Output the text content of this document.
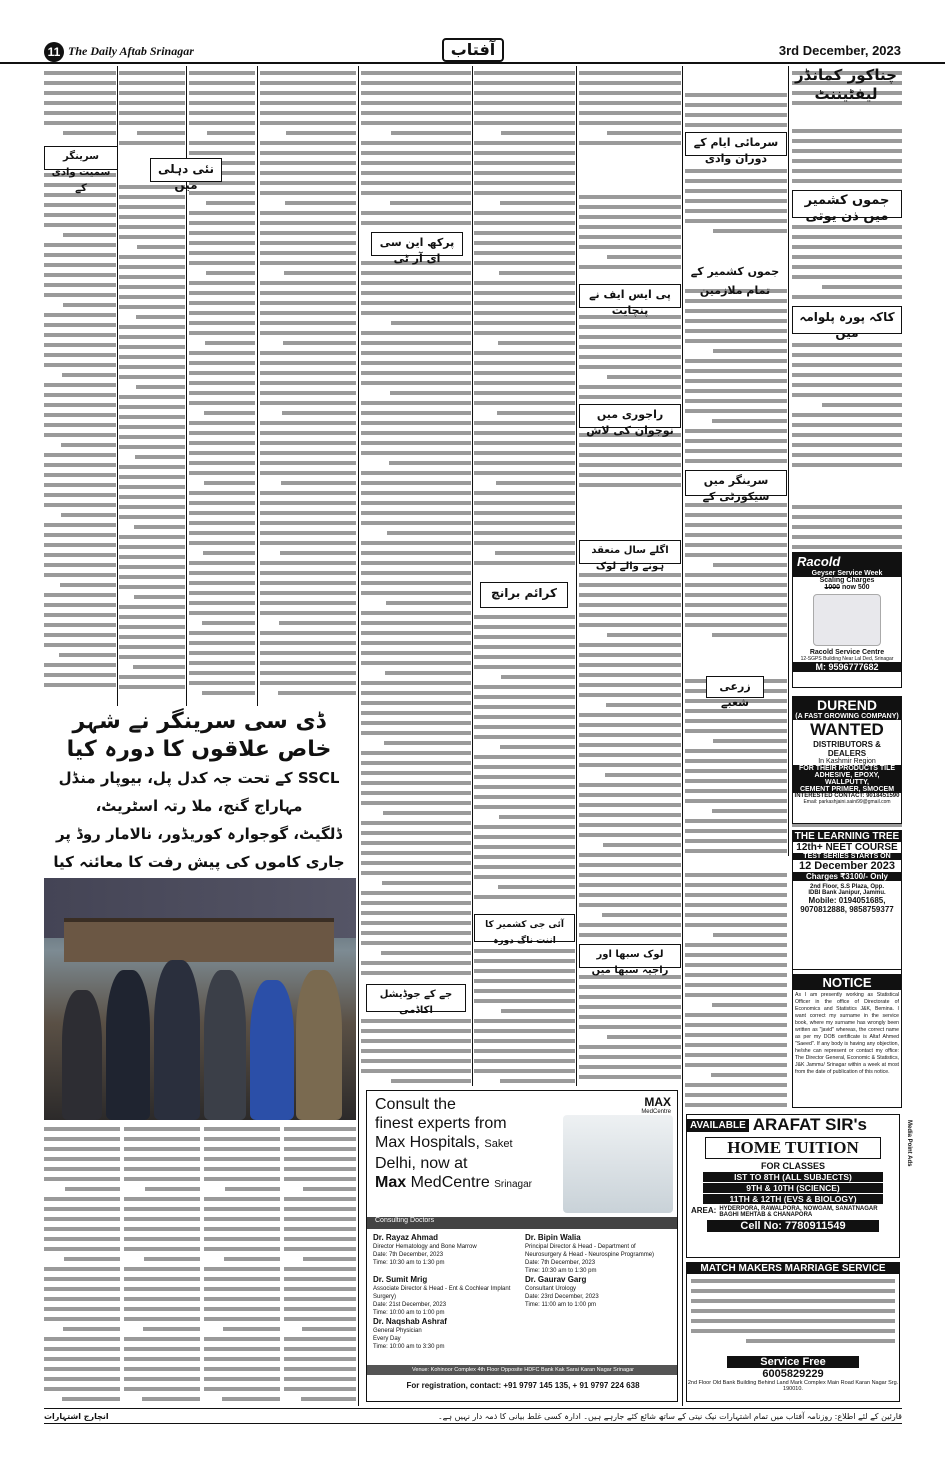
11 The Daily Aftab Srinagar	آفتاب	3rd December, 2023
چناکور کمانڈر لیفٹیننٹ
جموں کشمیر میں ذن یوتی
کاکہ پورہ پلوامہ میں
جموں کشمیر کے تمام ملازمین
سرینگر میں سیکورٹی کے
زرعی شعبے
سرمائی ایام کے دوران وادی
پی ایس ایف نے پنچایت
راجوری میں نوجوان کی لاش
اگلے سال منعقد ہونے والے لوک
لوک سبھا اور راجیہ سبھا میں
پرکھ این سی ای آر ٹی
کرائم برانچ
آئی جی کشمیر کا اننت ناگ دورہ
جے کے جوڈیشل اکاڈمی
نئی دہلی میں
سرینگر سمیت وادی کے
ڈی سی سرینگر نے شہر خاص علاقوں کا دورہ کیا
SSCL کے تحت جہ کدل پل، بیوپار منڈل مہاراج گنج، ملا رتہ اسٹریٹ،
ڈلگیٹ، گوجوارہ کوریڈور، نالامار روڈ پر جاری کاموں کی پیش رفت کا معائنہ کیا
Racold
Geyser Service Week
Scaling Charges
1000 now 500
Racold Service Centre
12-SGPS Building Near Lal Ded, Srinagar
M: 9596777682
DUREND
(A FAST GROWING COMPANY)
WANTED
DISTRIBUTORS & DEALERS
In Kashmir Region
FOR THEIR PRODUCTS TILE
ADHESIVE, EPOXY, WALLPUTTY,
CEMENT PRIMER, SMOCEM
INTERESTED CONTACT: 9018451590
Email: parkashjaini.saini99@gmail.com
THE LEARNING TREE
12th+ NEET COURSE
TEST SERIES STARTS ON
12 December 2023
Charges ₹3100/- Only
2nd Floor, S.S Plaza, Opp.
IDBI Bank Janipur, Jammu.
Mobile: 0194051685,
9070812888, 9858759377
NOTICE
As I am presently working as Statistical Officer in the office of Directorate of Economics and Statistics J&K, Bemina. I want correct my surname in the service book, where my surname has wrongly been written as "javid" whereas, the correct name as per my DOB certificate is Altaf Ahmed "Saeed". If any body is having any objection, he/she can represent or contact my office: The Director General, Economic & Statistics, J&K Jammu/ Srinagar within a week at most from the date of publication of this notice.
Consult the
finest experts from
Max Hospitals, Saket
Delhi, now at
Max MedCentre Srinagar
MAX
MedCentre
Consulting Doctors
Dr. Rayaz Ahmad
Director Hematology and Bone Marrow
Date: 7th December, 2023
Time: 10:30 am to 1:30 pm
Dr. Bipin Walia
Principal Director & Head - Department of Neurosurgery & Head - Neurospine Programme)
Date: 7th December, 2023
Time: 10:30 am to 1:30 pm
Dr. Sumit Mrig
Associate Director & Head - Ent & Cochlear Implant Surgery)
Date: 21st December, 2023
Time: 10:00 am to 1:00 pm
Dr. Gaurav Garg
Consultant Urology
Date: 23rd December, 2023
Time: 11:00 am to 1:00 pm
Dr. Naqshab Ashraf
General Physician
Every Day
Time: 10:00 am to 3:30 pm
Venue: Kohinoor Complex 4th Floor Opposite HDFC Bank Kak Sarai Karan Nagar Srinagar
For registration, contact: +91 9797 145 135, + 91 9797 224 638
AVAILABLE ARAFAT SIR's
HOME TUITION
FOR CLASSES
IST TO 8TH (ALL SUBJECTS)
9TH & 10TH (SCIENCE)
11TH & 12TH (EVS & BIOLOGY)
AREA: HYDERPORA, RAWALPORA, NOWGAM, SANATNAGAR BAGHI MEHTAB & CHANAPORA
Cell No: 7780911549
Media Point Ads
MATCH MAKERS MARRIAGE SERVICE
Service Free
6005829229
2nd Floor Old Bank Building Behind Land Mark Complex Main Road Karan Nagar Srg. 190010.
قارئین کے لئے اطلاع: روزنامہ آفتاب میں تمام اشتہارات نیک نیتی کے ساتھ شائع کئے جارہے ہیں۔ ادارہ کسی غلط بیانی کا ذمہ دار نہیں ہے۔
انچارج اشتہارات
